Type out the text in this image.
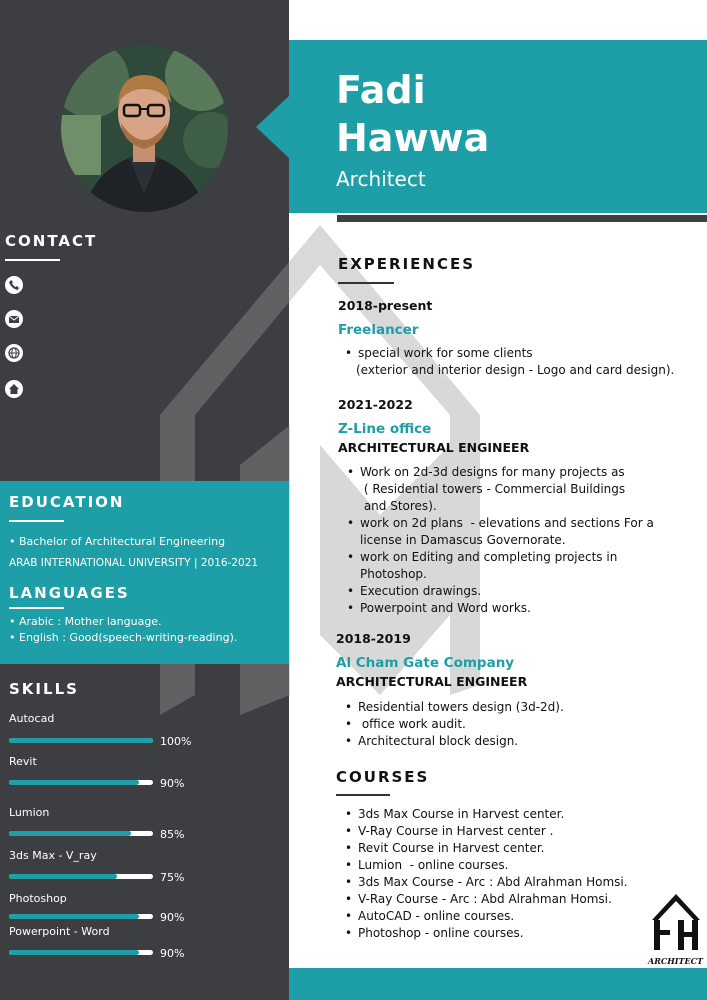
Fadi
Hawwa
Architect
CONTACT
EDUCATION
• Bachelor of Architectural Engineering
ARAB INTERNATIONAL UNIVERSITY | 2016-2021
LANGUAGES
• Arabic : Mother language.
• English : Good(speech-writing-reading).
SKILLS
Autocad
100%
Revit
90%
Lumion
85%
3ds Max - V_ray
75%
Photoshop
90%
Powerpoint - Word
90%
EXPERIENCES
2018-present
Freelancer
• special work for some clients
(exterior and interior design - Logo and card design).
2021-2022
Z-Line office
ARCHITECTURAL ENGINEER
• Work on 2d-3d designs for many projects as
( Residential towers - Commercial Buildings
and Stores).
• work on 2d plans  - elevations and sections For a
license in Damascus Governorate.
• work on Editing and completing projects in
Photoshop.
• Execution drawings.
• Powerpoint and Word works.
2018-2019
Al Cham Gate Company
ARCHITECTURAL ENGINEER
• Residential towers design (3d-2d).
•  office work audit.
• Architectural block design.
COURSES
• 3ds Max Course in Harvest center.
• V-Ray Course in Harvest center .
• Revit Course in Harvest center.
• Lumion  - online courses.
• 3ds Max Course - Arc : Abd Alrahman Homsi.
• V-Ray Course - Arc : Abd Alrahman Homsi.
• AutoCAD - online courses.
• Photoshop - online courses.
ARCHITECT
